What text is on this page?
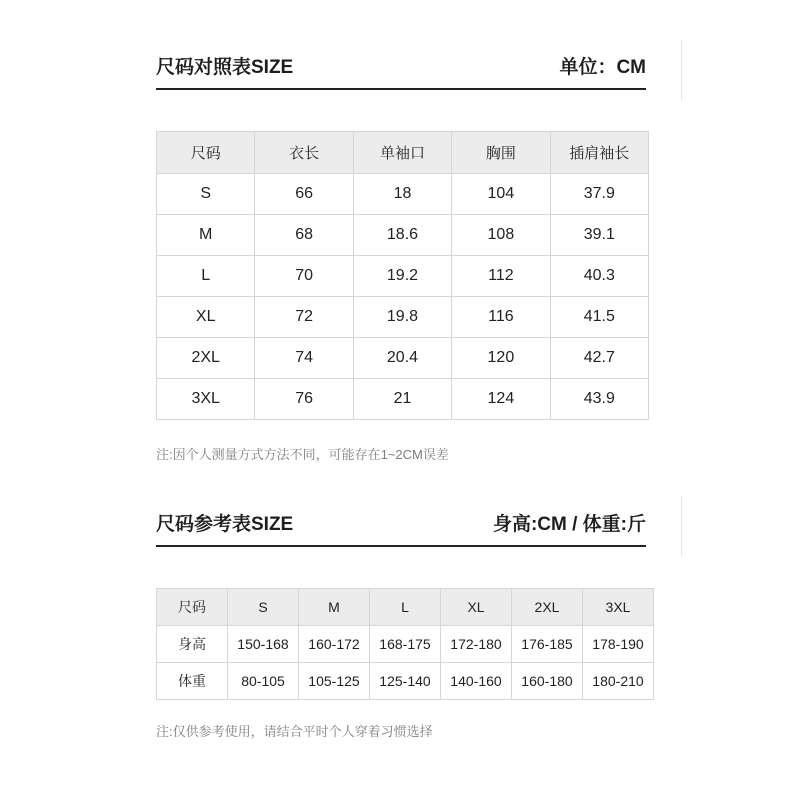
尺码对照表SIZE	单位：CM
尺码	衣长	单袖口	胸围	插肩袖长
S	66	18	104	37.9
M	68	18.6	108	39.1
L	70	19.2	112	40.3
XL	72	19.8	116	41.5
2XL	74	20.4	120	42.7
3XL	76	21	124	43.9
注:因个人测量方式方法不同，可能存在1~2CM误差
尺码参考表SIZE	身高:CM / 体重:斤
尺码	S	M	L	XL	2XL	3XL
身高	150-168	160-172	168-175	172-180	176-185	178-190
体重	80-105	105-125	125-140	140-160	160-180	180-210
注:仅供参考使用，请结合平时个人穿着习惯选择
